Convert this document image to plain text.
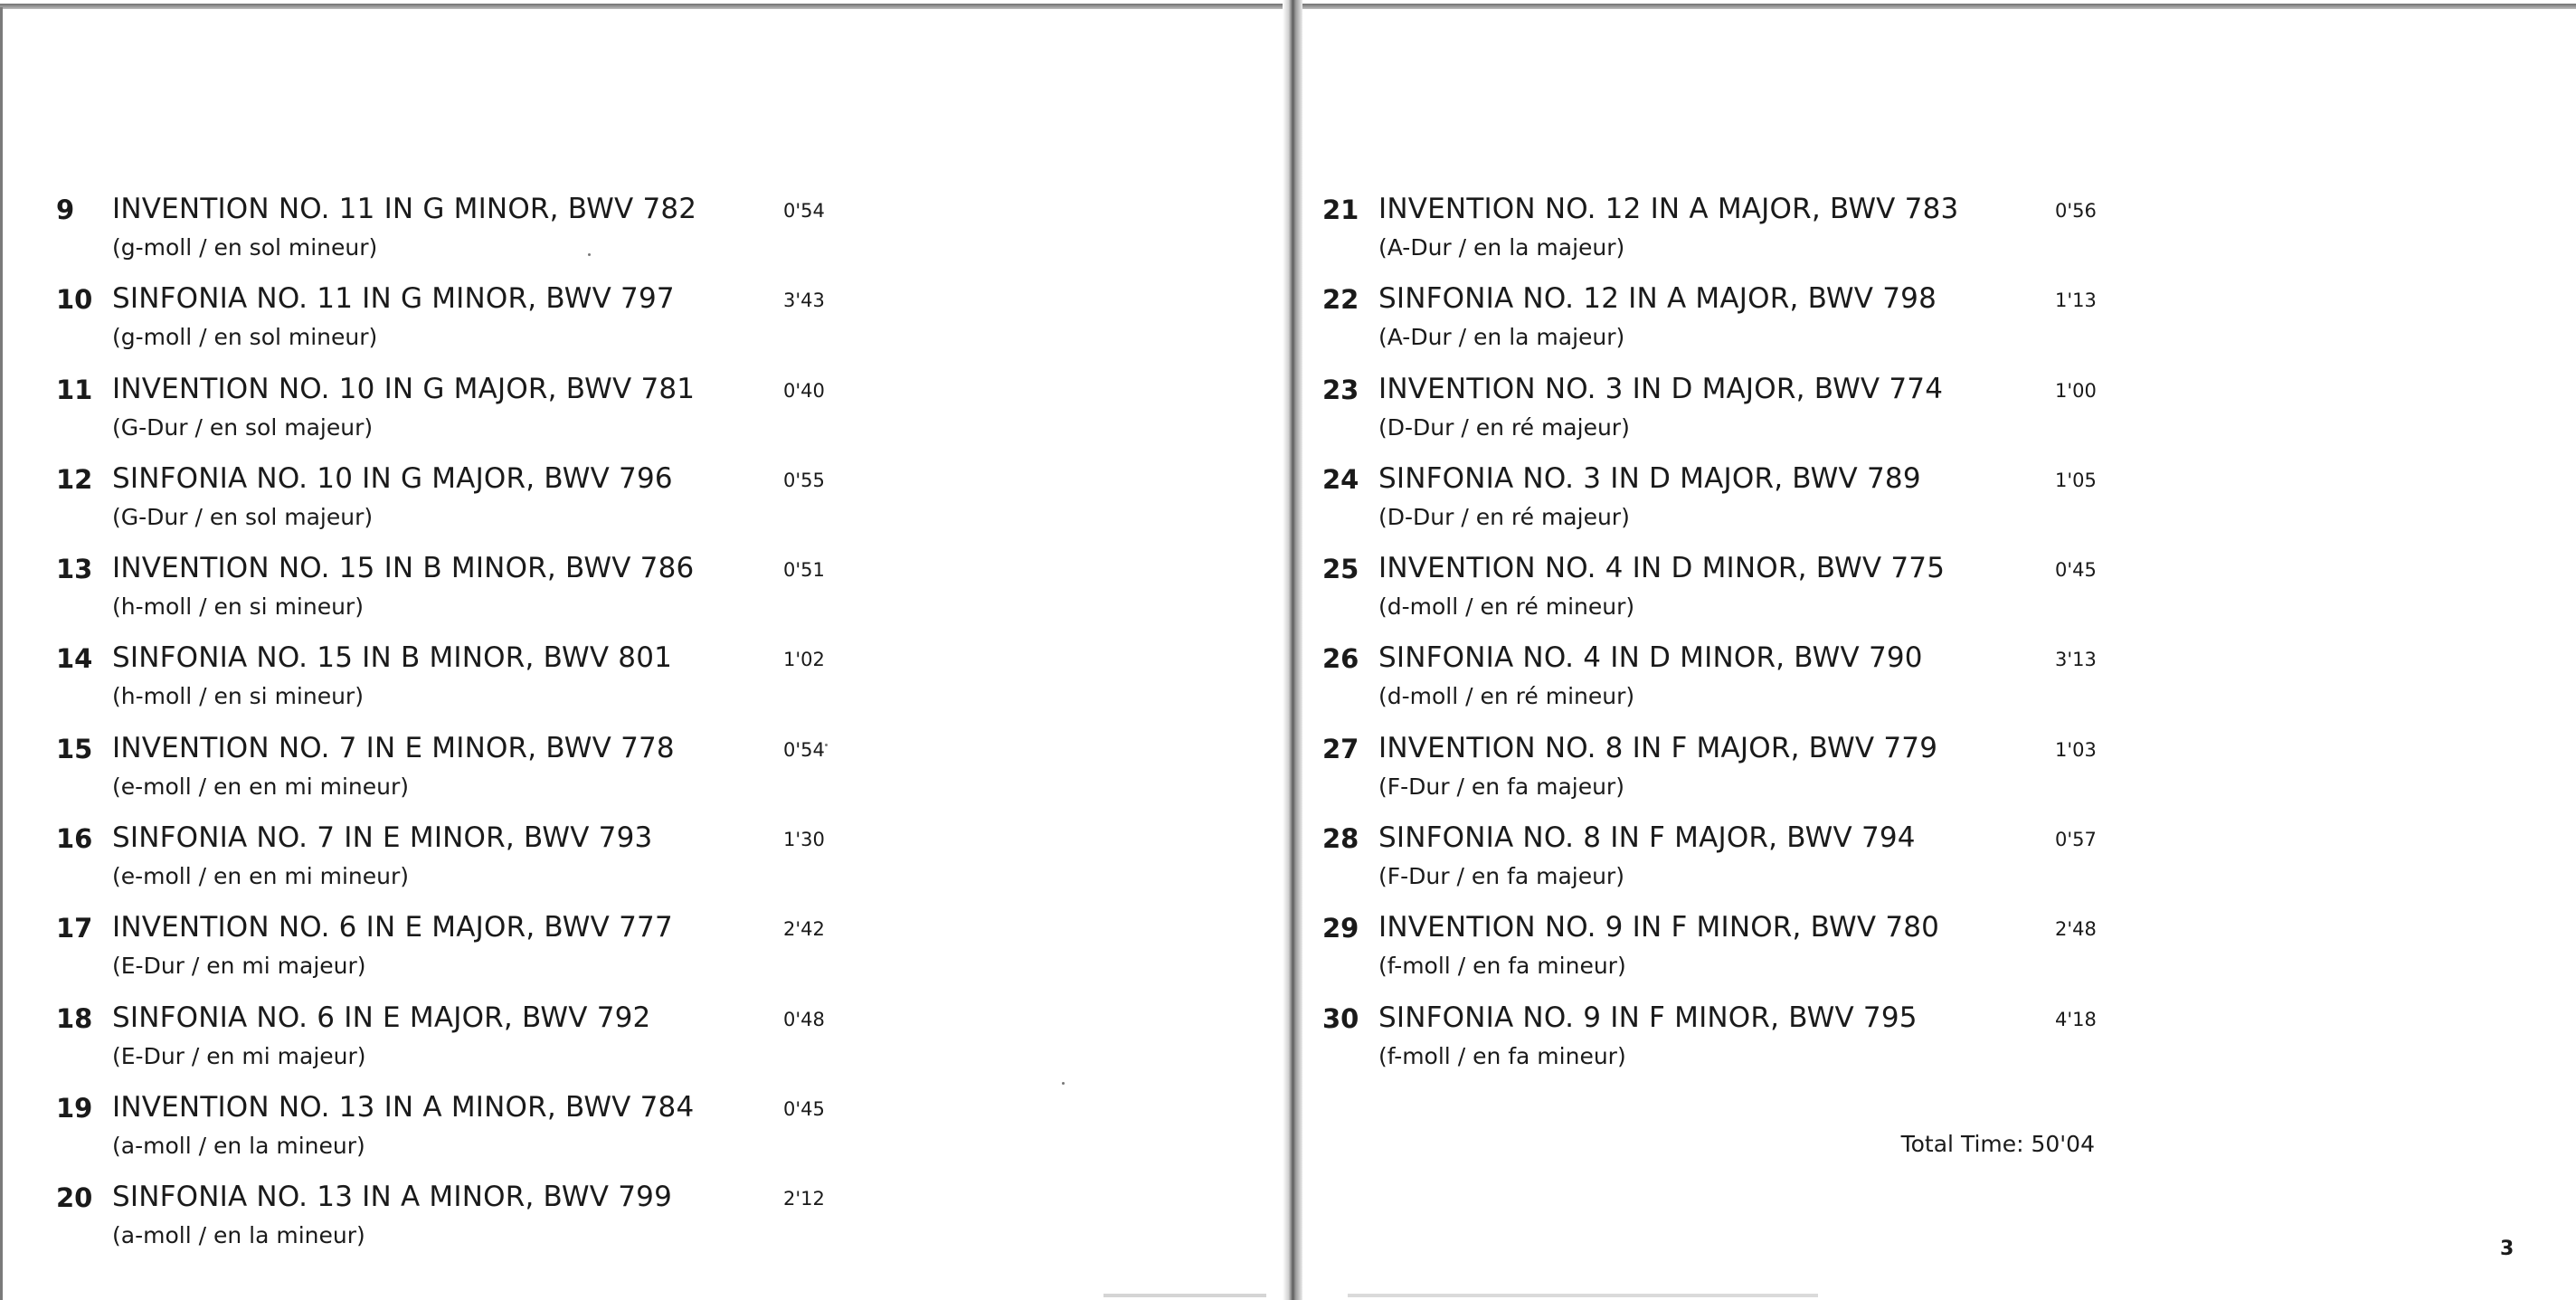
9 INVENTION NO. 11 IN G MINOR, BWV 782
(g-moll / en sol mineur)
0'54
10 SINFONIA NO. 11 IN G MINOR, BWV 797
(g-moll / en sol mineur)
3'43
11 INVENTION NO. 10 IN G MAJOR, BWV 781
(G-Dur / en sol majeur)
0'40
12 SINFONIA NO. 10 IN G MAJOR, BWV 796
(G-Dur / en sol majeur)
0'55
13 INVENTION NO. 15 IN B MINOR, BWV 786
(h-moll / en si mineur)
0'51
14 SINFONIA NO. 15 IN B MINOR, BWV 801
(h-moll / en si mineur)
1'02
15 INVENTION NO. 7 IN E MINOR, BWV 778
(e-moll / en en mi mineur)
0'54
16 SINFONIA NO. 7 IN E MINOR, BWV 793
(e-moll / en en mi mineur)
1'30
17 INVENTION NO. 6 IN E MAJOR, BWV 777
(E-Dur / en mi majeur)
2'42
18 SINFONIA NO. 6 IN E MAJOR, BWV 792
(E-Dur / en mi majeur)
0'48
19 INVENTION NO. 13 IN A MINOR, BWV 784
(a-moll / en la mineur)
0'45
20 SINFONIA NO. 13 IN A MINOR, BWV 799
(a-moll / en la mineur)
2'12
21 INVENTION NO. 12 IN A MAJOR, BWV 783
(A-Dur / en la majeur)
0'56
22 SINFONIA NO. 12 IN A MAJOR, BWV 798
(A-Dur / en la majeur)
1'13
23 INVENTION NO. 3 IN D MAJOR, BWV 774
(D-Dur / en ré majeur)
1'00
24 SINFONIA NO. 3 IN D MAJOR, BWV 789
(D-Dur / en ré majeur)
1'05
25 INVENTION NO. 4 IN D MINOR, BWV 775
(d-moll / en ré mineur)
0'45
26 SINFONIA NO. 4 IN D MINOR, BWV 790
(d-moll / en ré mineur)
3'13
27 INVENTION NO. 8 IN F MAJOR, BWV 779
(F-Dur / en fa majeur)
1'03
28 SINFONIA NO. 8 IN F MAJOR, BWV 794
(F-Dur / en fa majeur)
0'57
29 INVENTION NO. 9 IN F MINOR, BWV 780
(f-moll / en fa mineur)
2'48
30 SINFONIA NO. 9 IN F MINOR, BWV 795
(f-moll / en fa mineur)
4'18
Total Time: 50'04
3
